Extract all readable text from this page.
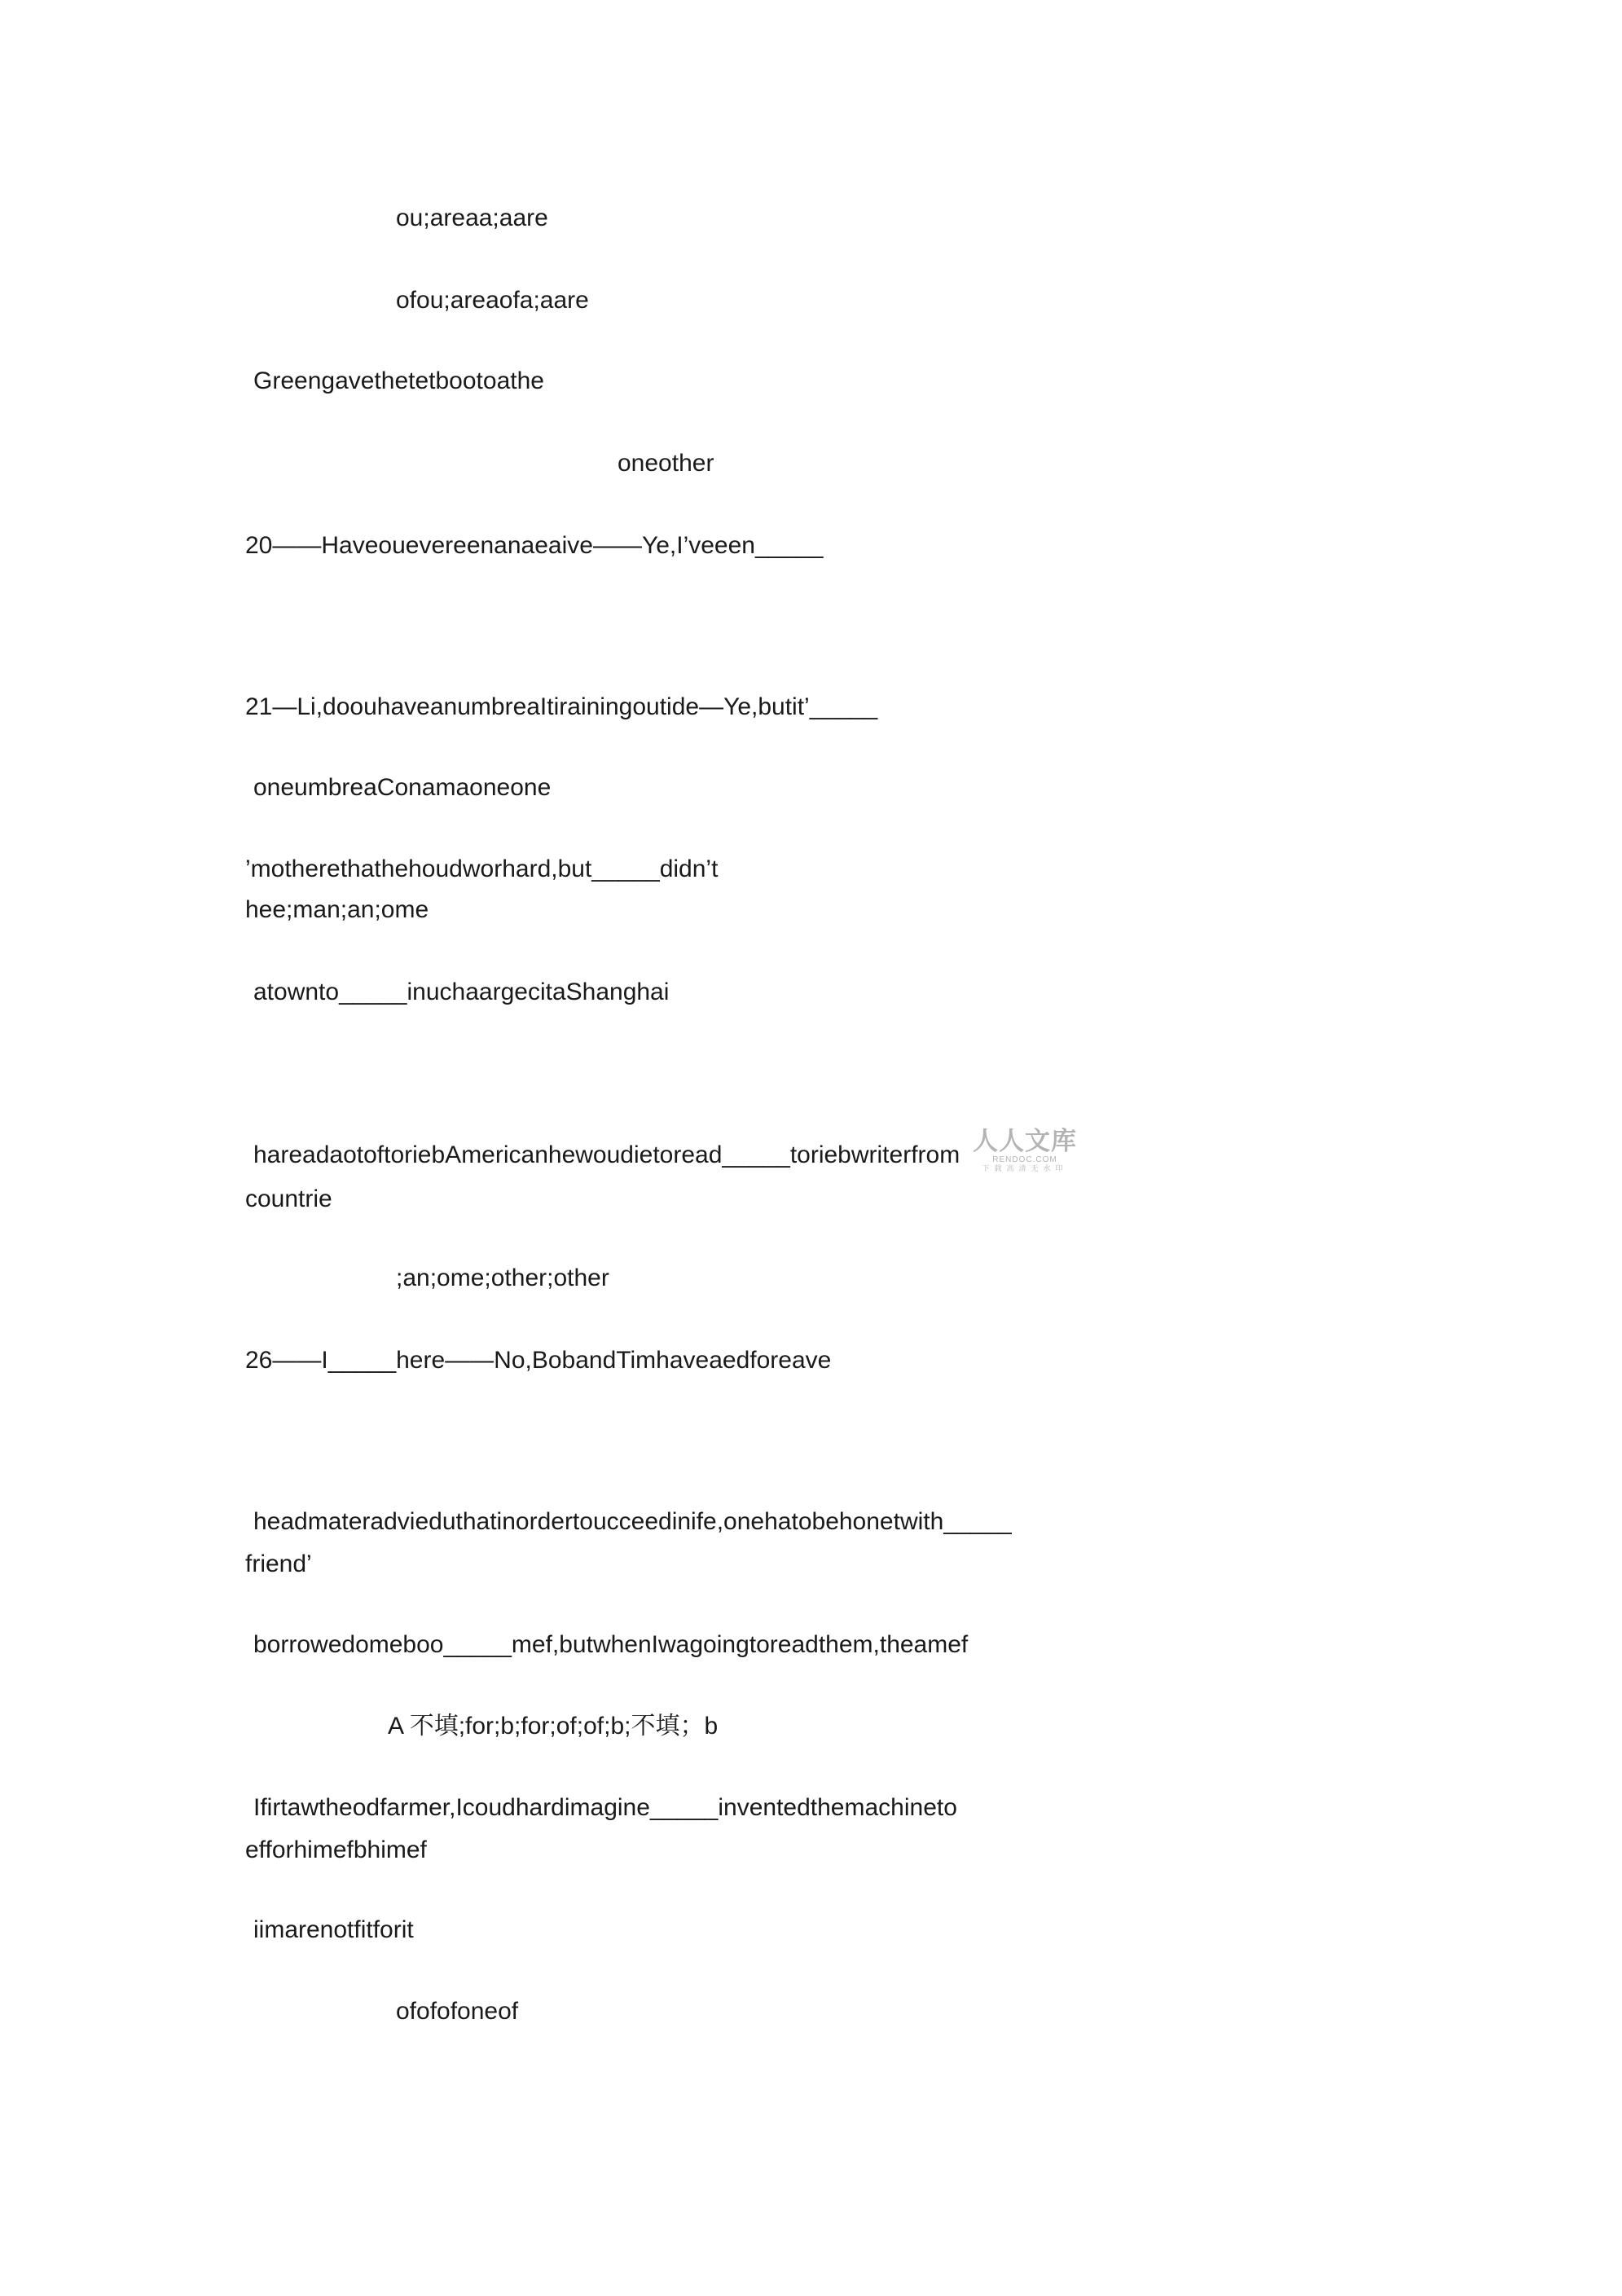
ou;areaa;aare
ofou;areaofa;aare
Greengavethetetbootoathe
oneother
20——Haveouevereenanaeaive——Ye,I’veeen_____
21—Li,doouhaveanumbreaItirainingoutide—Ye,butit’_____
oneumbreaConamaoneone
’motherethathehoudworhard,but_____didn’t
hee;man;an;ome
atownto_____inuchaargecitaShanghai
hareadaotoftoriebAmericanhewoudietoread_____toriebwriterfrom
countrie
;an;ome;other;other
26——I_____here——No,BobandTimhaveaedforeave
headmateradvieduthatinordertoucceedinife,onehatobehonetwith_____
friend’
borrowedomeboo_____mef,butwhenIwagoingtoreadthem,theamef
A 不填;for;b;for;of;of;b;不填；b
Ifirtawtheodfarmer,Icoudhardimagine_____inventedthemachineto
efforhimefbhimef
iimarenotfitforit
ofofofoneof
人人文库
RENDOC.COM
下载高清无水印
